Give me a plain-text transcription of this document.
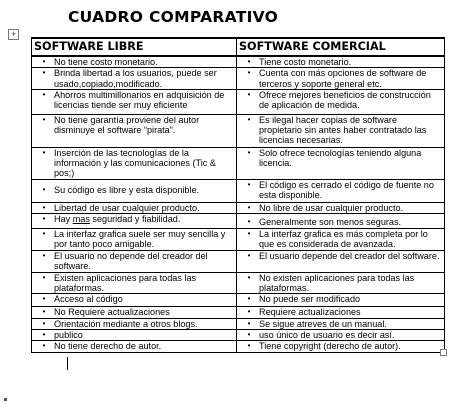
CUADRO COMPARATIVO
+
SOFTWARE LIBRE	SOFTWARE COMERCIAL

• No tiene costo monetario.	• Tiene costo monetario.

• Brinda libertad a los usuarios, puede ser usado,copiado,modificado.	• Cuenta con más opciones de software de terceros y soporte general etc.

• Ahorros multimillonarios en adquisición de licencias tiende ser muy eficiente	• Ofrece mejores beneficios de construcción de aplicación de medida.

• No tiene garantía proviene del autor disminuye el software “pirata”.	• Es ilegal hacer copias de software propietario sin antes haber contratado las licencias necesarias.

• Inserción de las tecnologías de la información y las comunicaciones (Tic & pos;)	• Solo ofrece tecnologías teniendo alguna licencia.

• Su código es libre y esta disponible.	• El código es cerrado el código de fuente no esta disponible.

• Libertad de usar cualquier producto.	• No libre de usar cualquier producto.

• Hay mas seguridad y fiabilidad.	• Generalmente son menos seguras.

• La interfaz grafica suele ser muy sencilla y por tanto poco amigable.	• La interfaz grafica es más completa por lo que es considerada de avanzada.

• El usuario no depende del creador del software.	• El usuario depende del creador del software.

• Existen aplicaciones para todas las plataformas.	• No existen aplicaciones para todas las plataformas.

• Acceso al código	• No puede ser modificado

• No Requiere actualizaciones	• Requiere actualizaciones

• Orientación mediante a otros blogs.	• Se sigue atreves de un manual.

• publico	• uso único de usuario es decir así.

• No tiene derecho de autor.	• Tiene copyright (derecho de autor).
